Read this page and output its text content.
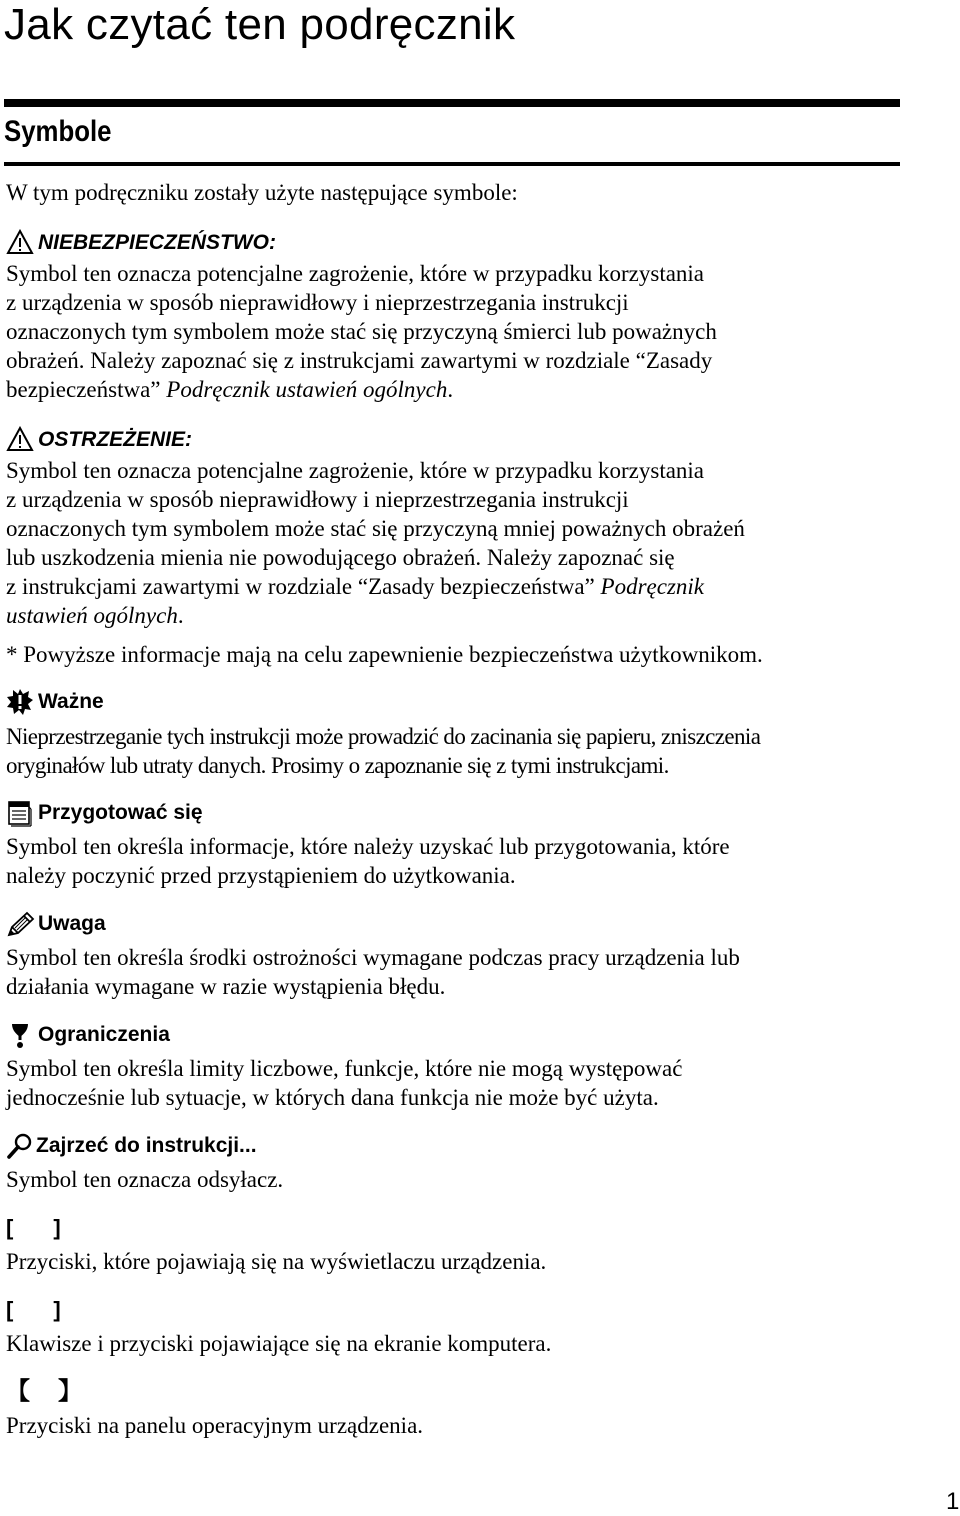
Jak czytać ten podręcznik
Symbole

W tym podręczniku zostały użyte następujące symbole:

NIEBEZPIECZEŃSTWO:

Symbol ten oznacza potencjalne zagrożenie, które w przypadku korzystania
z urządzenia w sposób nieprawidłowy i nieprzestrzegania instrukcji
oznaczonych tym symbolem może stać się przyczyną śmierci lub poważnych
obrażeń. Należy zapoznać się z instrukcjami zawartymi w rozdziale “Zasady
bezpieczeństwa” Podręcznik ustawień ogólnych.

OSTRZEŻENIE:

Symbol ten oznacza potencjalne zagrożenie, które w przypadku korzystania
z urządzenia w sposób nieprawidłowy i nieprzestrzegania instrukcji
oznaczonych tym symbolem może stać się przyczyną mniej poważnych obrażeń
lub uszkodzenia mienia nie powodującego obrażeń. Należy zapoznać się
z instrukcjami zawartymi w rozdziale “Zasady bezpieczeństwa” Podręcznik
ustawień ogólnych.

* Powyższe informacje mają na celu zapewnienie bezpieczeństwa użytkownikom.

Ważne

Nieprzestrzeganie tych instrukcji może prowadzić do zacinania się papieru, zniszczenia
oryginałów lub utraty danych. Prosimy o zapoznanie się z tymi instrukcjami.

Przygotować się

Symbol ten określa informacje, które należy uzyskać lub przygotowania, które
należy poczynić przed przystąpieniem do użytkowania.

Uwaga

Symbol ten określa środki ostrożności wymagane podczas pracy urządzenia lub
działania wymagane w razie wystąpienia błędu.

Ograniczenia

Symbol ten określa limity liczbowe, funkcje, które nie mogą występować
jednocześnie lub sytuacje, w których dana funkcja nie może być użyta.

Zajrzeć do instrukcji...

Symbol ten oznacza odsyłacz.

[ ]

Przyciski, które pojawiają się na wyświetlaczu urządzenia.

[ ]

Klawisze i przyciski pojawiające się na ekranie komputera.

【 】

Przyciski na panelu operacyjnym urządzenia.

1
